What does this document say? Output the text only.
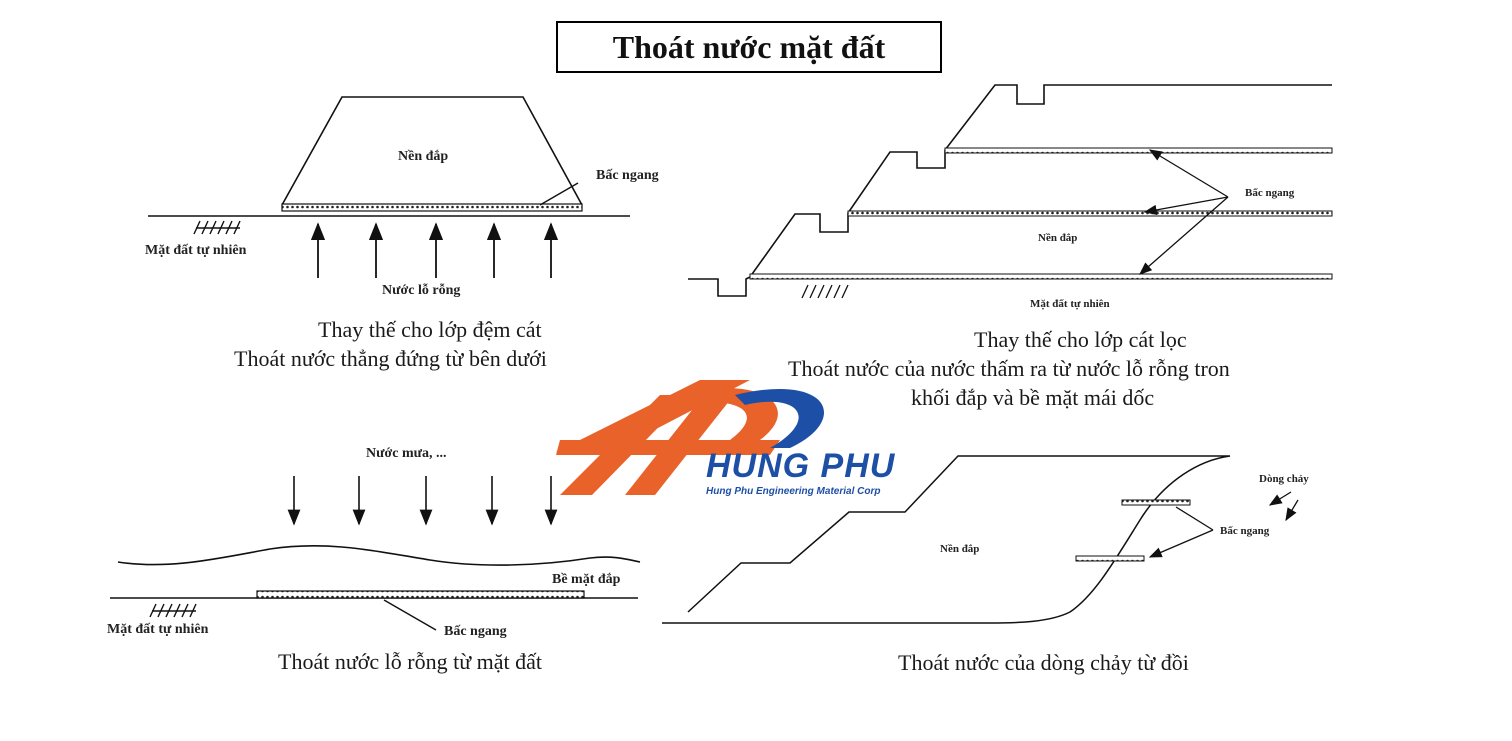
Thoát nước mặt đất
Nền đắp
Bấc ngang
Mặt đất tự nhiên
Nước lỗ rỗng
Thay thế cho lớp đệm cát
Thoát nước thẳng đứng từ bên dưới
Bấc ngang
Nền đắp
Mặt đất tự nhiên
Thay thế cho lớp cát lọc
Thoát nước của nước thấm ra từ nước lỗ rỗng tron
khối đắp và bề mặt mái dốc
Nước mưa, ...
Bề mặt đắp
Mặt đất tự nhiên	Bấc ngang
Thoát nước lỗ rỗng từ mặt đất
Dòng chảy
Bấc ngang
Nền đắp
Thoát nước của dòng chảy từ đồi
HUNG PHU
Hung Phu Engineering Material Corp
